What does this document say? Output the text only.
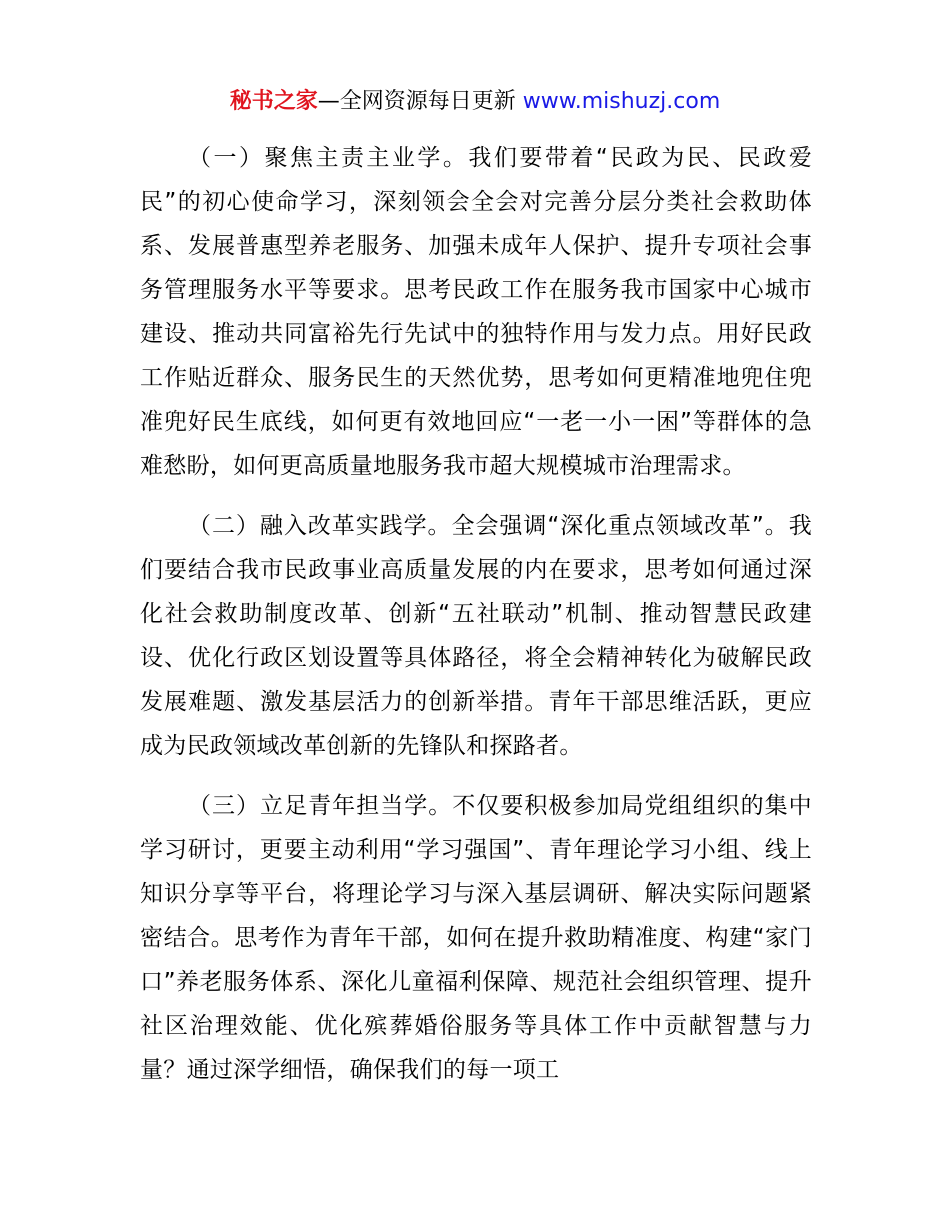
秘书之家—全网资源每日更新 www.mishuzj.com

（一）聚焦主责主业学。我们要带着“民政为民、民政爱民”的初心使命学习，深刻领会全会对完善分层分类社会救助体系、发展普惠型养老服务、加强未成年人保护、提升专项社会事务管理服务水平等要求。思考民政工作在服务我市国家中心城市建设、推动共同富裕先行先试中的独特作用与发力点。用好民政工作贴近群众、服务民生的天然优势，思考如何更精准地兜住兜准兜好民生底线，如何更有效地回应“一老一小一困”等群体的急难愁盼，如何更高质量地服务我市超大规模城市治理需求。

（二）融入改革实践学。全会强调“深化重点领域改革”。我们要结合我市民政事业高质量发展的内在要求，思考如何通过深化社会救助制度改革、创新“五社联动”机制、推动智慧民政建设、优化行政区划设置等具体路径，将全会精神转化为破解民政发展难题、激发基层活力的创新举措。青年干部思维活跃，更应成为民政领域改革创新的先锋队和探路者。

（三）立足青年担当学。不仅要积极参加局党组组织的集中学习研讨，更要主动利用“学习强国”、青年理论学习小组、线上知识分享等平台，将理论学习与深入基层调研、解决实际问题紧密结合。思考作为青年干部，如何在提升救助精准度、构建“家门口”养老服务体系、深化儿童福利保障、规范社会组织管理、提升社区治理效能、优化殡葬婚俗服务等具体工作中贡献智慧与力量？通过深学细悟，确保我们的每一项工
